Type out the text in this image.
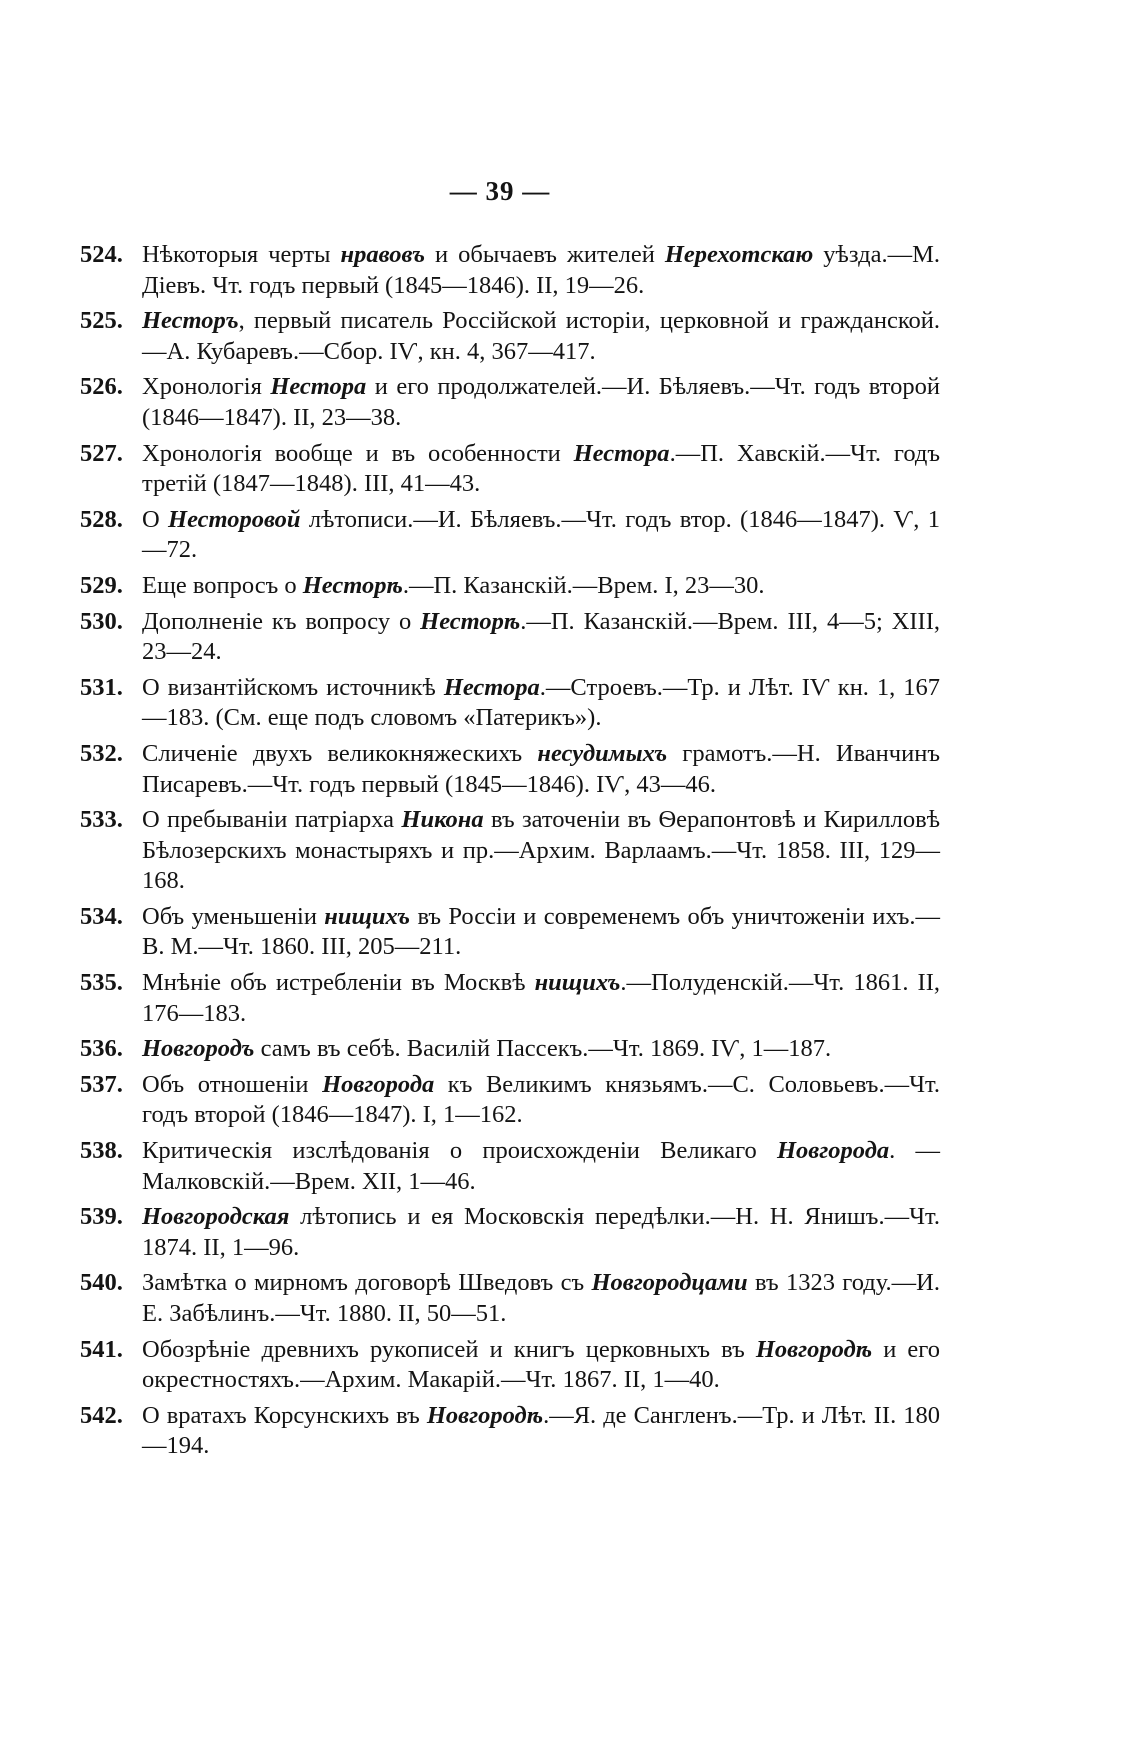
— 39 —
524. Нѣкоторыя черты нравовъ и обычаевъ жителей Нерехотскаю уѣзда.—М. Діевъ. Чт. годъ первый (1845—1846). II, 19—26.
525. Несторъ, первый писатель Россійской исторіи, церковной и гражданской.—А. Кубаревъ.—Сбор. IѴ, кн. 4, 367—417.
526. Хронологія Нестора и его продолжателей.—И. Бѣляевъ.—Чт. годъ второй (1846—1847). II, 23—38.
527. Хронологія вообще и въ особенности Нестора.—П. Хавскій.—Чт. годъ третій (1847—1848). III, 41—43.
528. О Несторовой лѣтописи.—И. Бѣляевъ.—Чт. годъ втор. (1846—1847). Ѵ, 1—72.
529. Еще вопросъ о Несторѣ.—П. Казанскій.—Врем. I, 23—30.
530. Дополненіе къ вопросу о Несторѣ.—П. Казанскій.—Врем. III, 4—5; XIII, 23—24.
531. О византійскомъ источникѣ Нестора.—Строевъ.—Тр. и Лѣт. IѴ кн. 1, 167—183. (См. еще подъ словомъ «Патерикъ»).
532. Сличеніе двухъ великокняжескихъ несудимыхъ грамотъ.—Н. Иванчинъ Писаревъ.—Чт. годъ первый (1845—1846). IѴ, 43—46.
533. О пребываніи патріарха Никона въ заточеніи въ Ѳерапонтовѣ и Кирилловѣ Бѣлозерскихъ монастыряхъ и пр.—Архим. Варлаамъ.—Чт. 1858. III, 129—168.
534. Объ уменьшеніи нищихъ въ Россіи и современемъ объ уничтоженіи ихъ.—В. М.—Чт. 1860. III, 205—211.
535. Мнѣніе объ истребленіи въ Москвѣ нищихъ.—Полуденскій.—Чт. 1861. II, 176—183.
536. Новгородъ самъ въ себѣ. Василій Пассекъ.—Чт. 1869. IѴ, 1—187.
537. Объ отношеніи Новгорода къ Великимъ князьямъ.—С. Соловьевъ.—Чт. годъ второй (1846—1847). I, 1—162.
538. Критическія изслѣдованія о происхожденіи Великаго Новгорода. — Малковскій.—Врем. XII, 1—46.
539. Новгородская лѣтопись и ея Московскія передѣлки.—Н. Н. Янишъ.—Чт. 1874. II, 1—96.
540. Замѣтка о мирномъ договорѣ Шведовъ съ Новгородцами въ 1323 году.—И. Е. Забѣлинъ.—Чт. 1880. II, 50—51.
541. Обозрѣніе древнихъ рукописей и книгъ церковныхъ въ Новгородѣ и его окрестностяхъ.—Архим. Макарій.—Чт. 1867. II, 1—40.
542. О вратахъ Корсунскихъ въ Новгородѣ.—Я. де Сангленъ.—Тр. и Лѣт. II. 180—194.
